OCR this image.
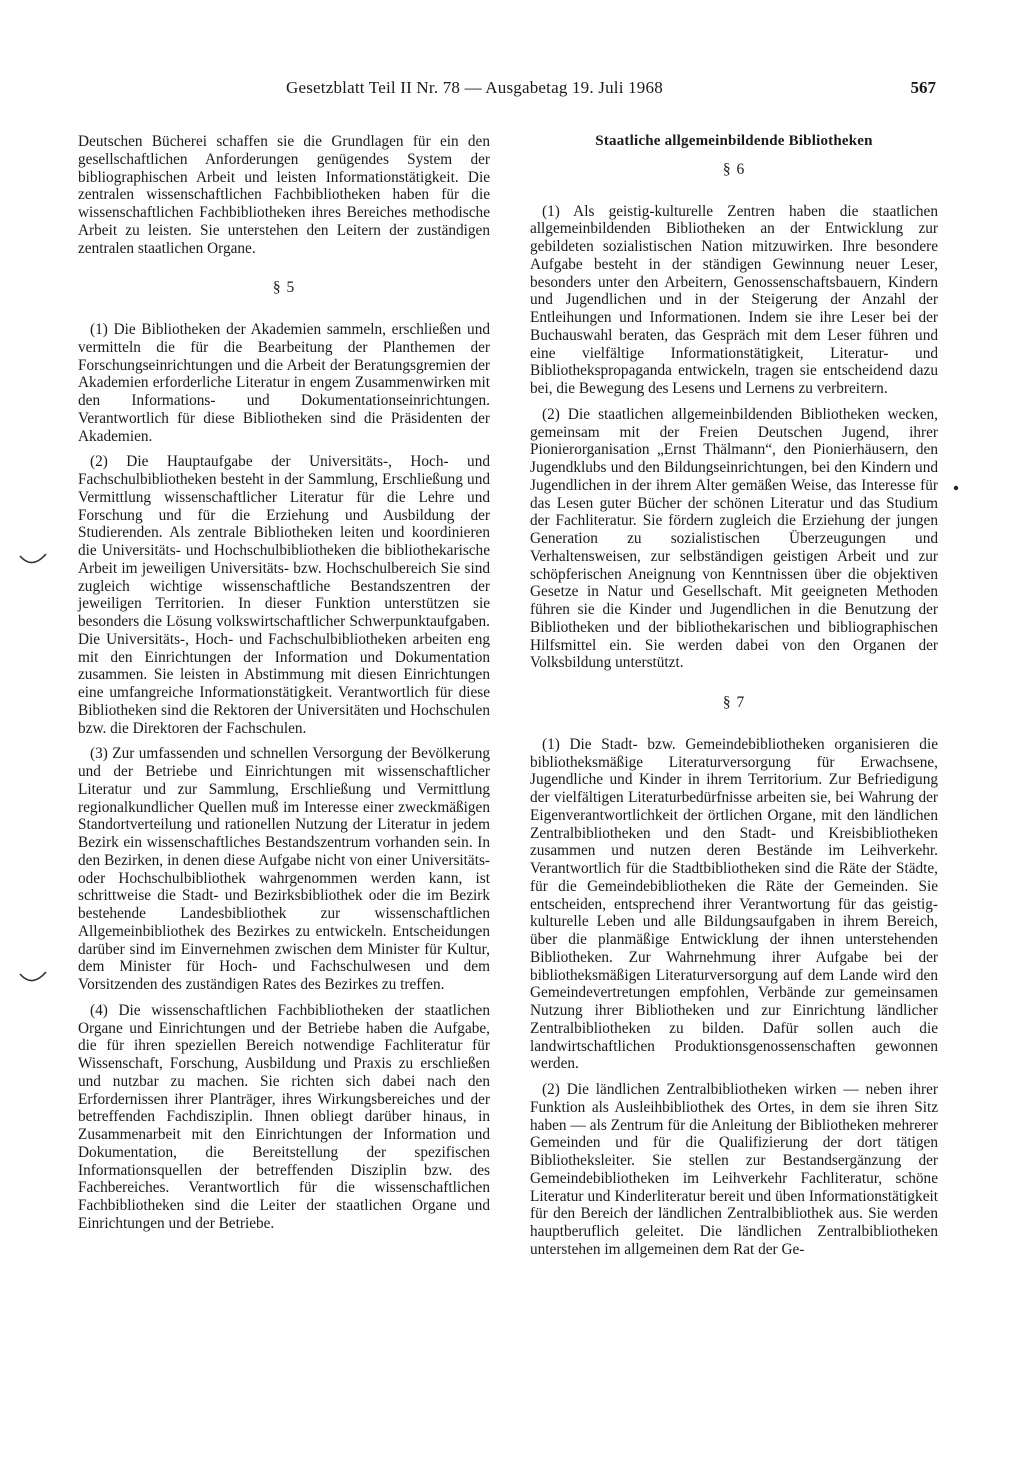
Gesetzblatt Teil II Nr. 78 — Ausgabetag 19. Juli 1968	567

Deutschen Bücherei schaffen sie die Grundlagen für ein den gesellschaftlichen Anforderungen genügendes System der bibliographischen Arbeit und leisten Informationstätigkeit. Die zentralen wissenschaftlichen Fachbibliotheken haben für die wissenschaftlichen Fachbibliotheken ihres Bereiches methodische Arbeit zu leisten. Sie unterstehen den Leitern der zuständigen zentralen staatlichen Organe.

§ 5

(1) Die Bibliotheken der Akademien sammeln, erschließen und vermitteln die für die Bearbeitung der Planthemen der Forschungseinrichtungen und die Arbeit der Beratungsgremien der Akademien erforderliche Literatur in engem Zusammenwirken mit den Informations- und Dokumentationseinrichtungen. Verantwortlich für diese Bibliotheken sind die Präsidenten der Akademien.

(2) Die Hauptaufgabe der Universitäts-, Hoch- und Fachschulbibliotheken besteht in der Sammlung, Erschließung und Vermittlung wissenschaftlicher Literatur für die Lehre und Forschung und für die Erziehung und Ausbildung der Studierenden. Als zentrale Bibliotheken leiten und koordinieren die Universitäts- und Hochschulbibliotheken die bibliothekarische Arbeit im jeweiligen Universitäts- bzw. Hochschulbereich Sie sind zugleich wichtige wissenschaftliche Bestandszentren der jeweiligen Territorien. In dieser Funktion unterstützen sie besonders die Lösung volkswirtschaftlicher Schwerpunktaufgaben. Die Universitäts-, Hoch- und Fachschulbibliotheken arbeiten eng mit den Einrichtungen der Information und Dokumentation zusammen. Sie leisten in Abstimmung mit diesen Einrichtungen eine umfangreiche Informationstätigkeit. Verantwortlich für diese Bibliotheken sind die Rektoren der Universitäten und Hochschulen bzw. die Direktoren der Fachschulen.

(3) Zur umfassenden und schnellen Versorgung der Bevölkerung und der Betriebe und Einrichtungen mit wissenschaftlicher Literatur und zur Sammlung, Erschließung und Vermittlung regionalkundlicher Quellen muß im Interesse einer zweckmäßigen Standortverteilung und rationellen Nutzung der Literatur in jedem Bezirk ein wissenschaftliches Bestandszentrum vorhanden sein. In den Bezirken, in denen diese Aufgabe nicht von einer Universitäts- oder Hochschulbibliothek wahrgenommen werden kann, ist schrittweise die Stadt- und Bezirksbibliothek oder die im Bezirk bestehende Landesbibliothek zur wissenschaftlichen Allgemeinbibliothek des Bezirkes zu entwickeln. Entscheidungen darüber sind im Einvernehmen zwischen dem Minister für Kultur, dem Minister für Hoch- und Fachschulwesen und dem Vorsitzenden des zuständigen Rates des Bezirkes zu treffen.

(4) Die wissenschaftlichen Fachbibliotheken der staatlichen Organe und Einrichtungen und der Betriebe haben die Aufgabe, die für ihren speziellen Bereich notwendige Fachliteratur für Wissenschaft, Forschung, Ausbildung und Praxis zu erschließen und nutzbar zu machen. Sie richten sich dabei nach den Erfordernissen ihrer Planträger, ihres Wirkungsbereiches und der betreffenden Fachdisziplin. Ihnen obliegt darüber hinaus, in Zusammenarbeit mit den Einrichtungen der Information und Dokumentation, die Bereitstellung der spezifischen Informationsquellen der betreffenden Disziplin bzw. des Fachbereiches. Verantwortlich für die wissenschaftlichen Fachbibliotheken sind die Leiter der staatlichen Organe und Einrichtungen und der Betriebe.

Staatliche allgemeinbildende Bibliotheken
§ 6

(1) Als geistig-kulturelle Zentren haben die staatlichen allgemeinbildenden Bibliotheken an der Entwicklung zur gebildeten sozialistischen Nation mitzuwirken. Ihre besondere Aufgabe besteht in der ständigen Gewinnung neuer Leser, besonders unter den Arbeitern, Genossenschaftsbauern, Kindern und Jugendlichen und in der Steigerung der Anzahl der Entleihungen und Informationen. Indem sie ihre Leser bei der Buchauswahl beraten, das Gespräch mit dem Leser führen und eine vielfältige Informationstätigkeit, Literatur- und Bibliothekspropaganda entwickeln, tragen sie entscheidend dazu bei, die Bewegung des Lesens und Lernens zu verbreitern.

(2) Die staatlichen allgemeinbildenden Bibliotheken wecken, gemeinsam mit der Freien Deutschen Jugend, ihrer Pionierorganisation „Ernst Thälmann“, den Pionierhäusern, den Jugendklubs und den Bildungseinrichtungen, bei den Kindern und Jugendlichen in der ihrem Alter gemäßen Weise, das Interesse für das Lesen guter Bücher der schönen Literatur und das Studium der Fachliteratur. Sie fördern zugleich die Erziehung der jungen Generation zu sozialistischen Überzeugungen und Verhaltensweisen, zur selbständigen geistigen Arbeit und zur schöpferischen Aneignung von Kenntnissen über die objektiven Gesetze in Natur und Gesellschaft. Mit geeigneten Methoden führen sie die Kinder und Jugendlichen in die Benutzung der Bibliotheken und der bibliothekarischen und bibliographischen Hilfsmittel ein. Sie werden dabei von den Organen der Volksbildung unterstützt.

§ 7

(1) Die Stadt- bzw. Gemeindebibliotheken organisieren die bibliotheksmäßige Literaturversorgung für Erwachsene, Jugendliche und Kinder in ihrem Territorium. Zur Befriedigung der vielfältigen Literaturbedürfnisse arbeiten sie, bei Wahrung der Eigenverantwortlichkeit der örtlichen Organe, mit den ländlichen Zentralbibliotheken und den Stadt- und Kreisbibliotheken zusammen und nutzen deren Bestände im Leihverkehr. Verantwortlich für die Stadtbibliotheken sind die Räte der Städte, für die Gemeindebibliotheken die Räte der Gemeinden. Sie entscheiden, entsprechend ihrer Verantwortung für das geistig-kulturelle Leben und alle Bildungsaufgaben in ihrem Bereich, über die planmäßige Entwicklung der ihnen unterstehenden Bibliotheken. Zur Wahrnehmung ihrer Aufgabe bei der bibliotheksmäßigen Literaturversorgung auf dem Lande wird den Gemeindevertretungen empfohlen, Verbände zur gemeinsamen Nutzung ihrer Bibliotheken und zur Einrichtung ländlicher Zentralbibliotheken zu bilden. Dafür sollen auch die landwirtschaftlichen Produktionsgenossenschaften gewonnen werden.

(2) Die ländlichen Zentralbibliotheken wirken — neben ihrer Funktion als Ausleihbibliothek des Ortes, in dem sie ihren Sitz haben — als Zentrum für die Anleitung der Bibliotheken mehrerer Gemeinden und für die Qualifizierung der dort tätigen Bibliotheksleiter. Sie stellen zur Bestandsergänzung der Gemeindebibliotheken im Leihverkehr Fachliteratur, schöne Literatur und Kinderliteratur bereit und üben Informationstätigkeit für den Bereich der ländlichen Zentralbibliothek aus. Sie werden hauptberuflich geleitet. Die ländlichen Zentralbibliotheken unterstehen im allgemeinen dem Rat der Ge-
